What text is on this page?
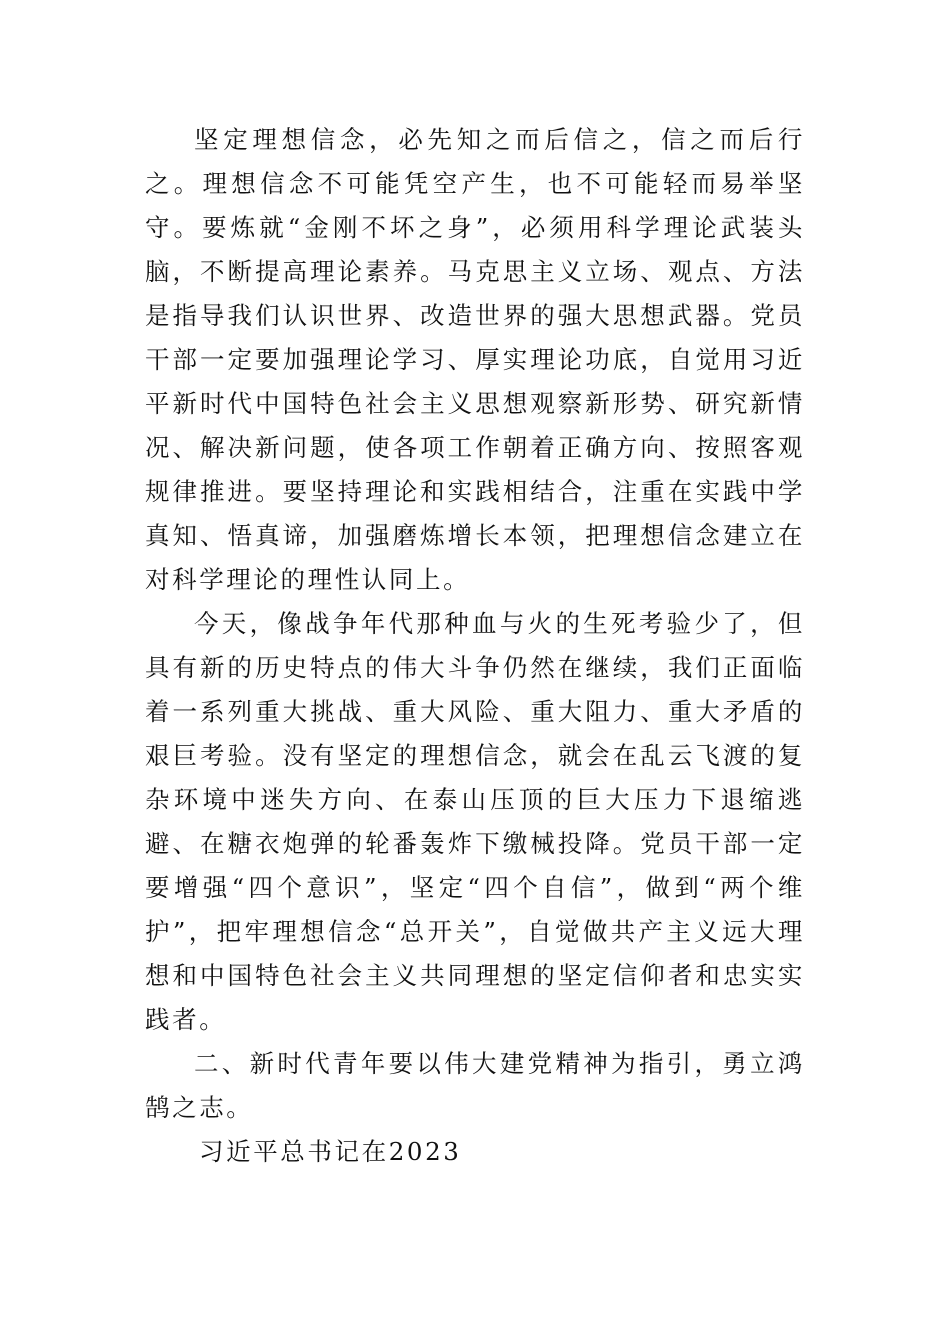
坚定理想信念，必先知之而后信之，信之而后行之。理想信念不可能凭空产生，也不可能轻而易举坚守。要炼就“金刚不坏之身”，必须用科学理论武装头脑，不断提高理论素养。马克思主义立场、观点、方法是指导我们认识世界、改造世界的强大思想武器。党员干部一定要加强理论学习、厚实理论功底，自觉用习近平新时代中国特色社会主义思想观察新形势、研究新情况、解决新问题，使各项工作朝着正确方向、按照客观规律推进。要坚持理论和实践相结合，注重在实践中学真知、悟真谛，加强磨炼增长本领，把理想信念建立在对科学理论的理性认同上。

今天，像战争年代那种血与火的生死考验少了，但具有新的历史特点的伟大斗争仍然在继续，我们正面临着一系列重大挑战、重大风险、重大阻力、重大矛盾的艰巨考验。没有坚定的理想信念，就会在乱云飞渡的复杂环境中迷失方向、在泰山压顶的巨大压力下退缩逃避、在糖衣炮弹的轮番轰炸下缴械投降。党员干部一定要增强“四个意识”，坚定“四个自信”，做到“两个维护”，把牢理想信念“总开关”，自觉做共产主义远大理想和中国特色社会主义共同理想的坚定信仰者和忠实实践者。

二、新时代青年要以伟大建党精神为指引，勇立鸿鹄之志。

习近平总书记在2023
